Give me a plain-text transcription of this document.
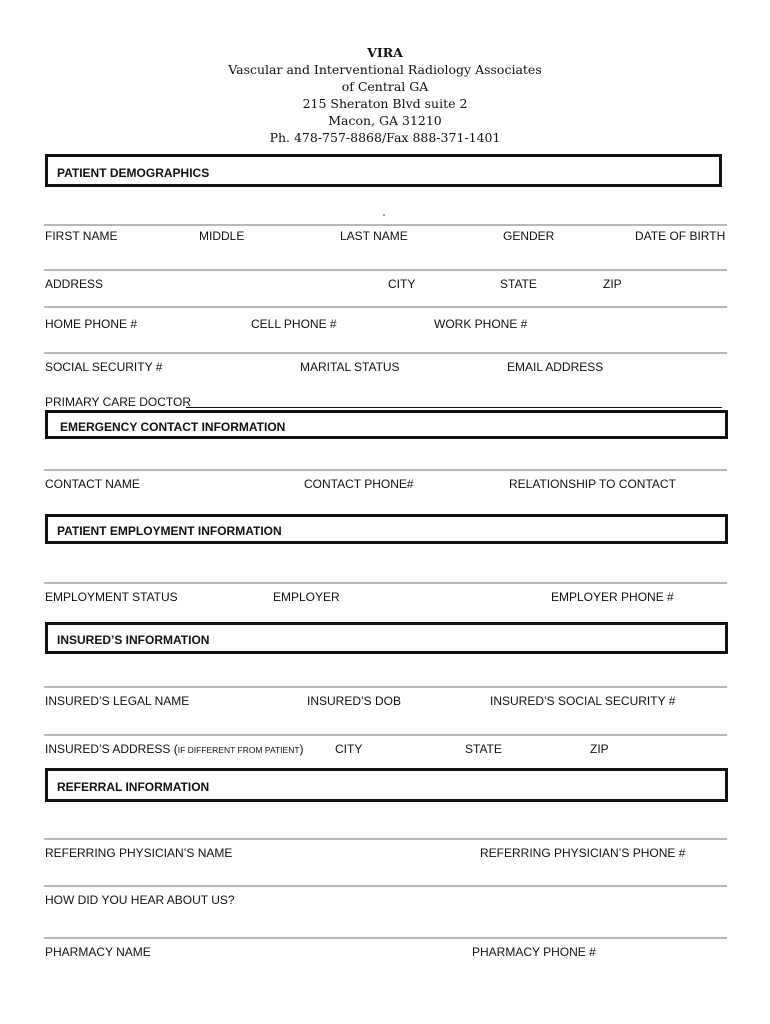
VIRA
Vascular and Interventional Radiology Associates
of Central GA
215 Sheraton Blvd suite 2
Macon, GA 31210
Ph. 478-757-8868/Fax 888-371-1401
PATIENT DEMOGRAPHICS
FIRST NAME	MIDDLE	LAST NAME	GENDER	DATE OF BIRTH
ADDRESS	CITY	STATE	ZIP
HOME PHONE #	CELL PHONE #	WORK PHONE #
SOCIAL SECURITY #	MARITAL STATUS	EMAIL ADDRESS
PRIMARY CARE DOCTOR
EMERGENCY CONTACT INFORMATION
CONTACT NAME	CONTACT PHONE#	RELATIONSHIP TO CONTACT
PATIENT EMPLOYMENT INFORMATION
EMPLOYMENT STATUS	EMPLOYER	EMPLOYER PHONE #
INSURED’S INFORMATION
INSURED’S LEGAL NAME	INSURED’S DOB	INSURED’S SOCIAL SECURITY #
INSURED’S ADDRESS (IF DIFFERENT FROM PATIENT)	CITY	STATE	ZIP
REFERRAL INFORMATION
REFERRING PHYSICIAN’S NAME	REFERRING PHYSICIAN’S PHONE #
HOW DID YOU HEAR ABOUT US?
PHARMACY NAME	PHARMACY PHONE #
